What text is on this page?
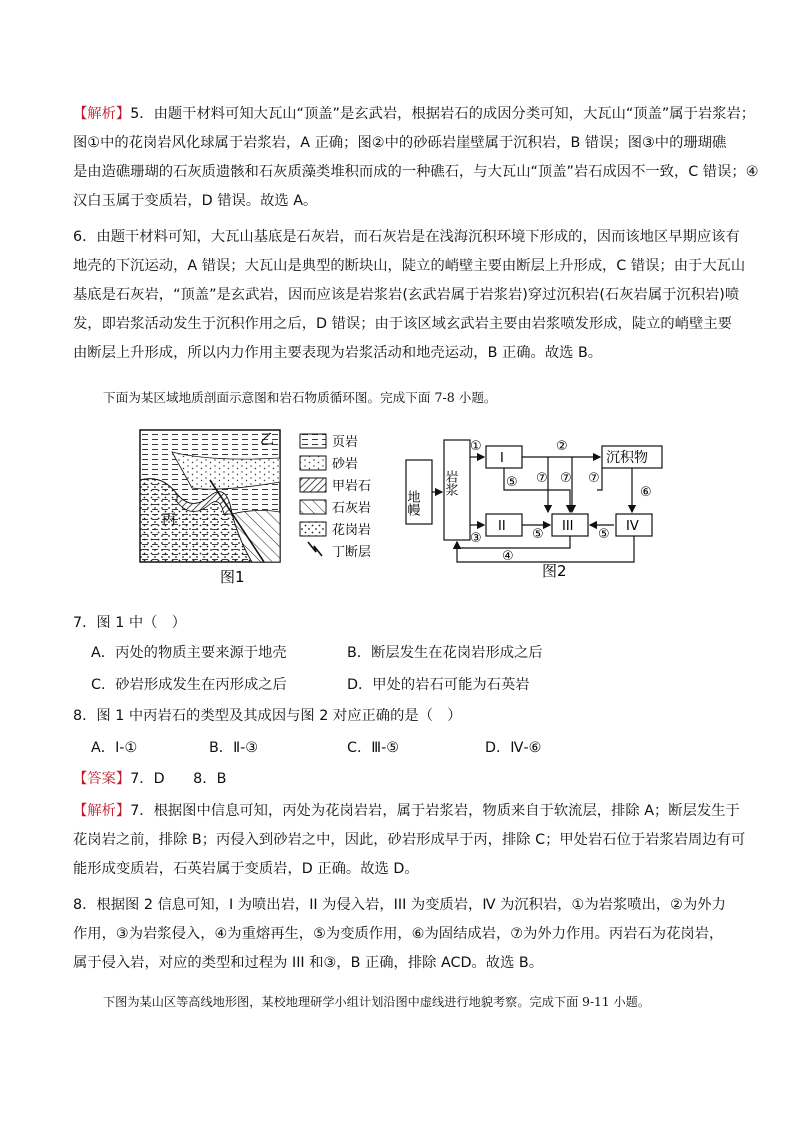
【解析】5．由题干材料可知大瓦山“顶盖”是玄武岩，根据岩石的成因分类可知，大瓦山“顶盖”属于岩浆岩；
图①中的花岗岩风化球属于岩浆岩，A 正确；图②中的砂砾岩崖壁属于沉积岩，B 错误；图③中的珊瑚礁
是由造礁珊瑚的石灰质遗骸和石灰质藻类堆积而成的一种礁石，与大瓦山“顶盖”岩石成因不一致，C 错误；④
汉白玉属于变质岩，D 错误。故选 A。
6．由题干材料可知，大瓦山基底是石灰岩，而石灰岩是在浅海沉积环境下形成的，因而该地区早期应该有
地壳的下沉运动，A 错误；大瓦山是典型的断块山，陡立的峭壁主要由断层上升形成，C 错误；由于大瓦山
基底是石灰岩，“顶盖”是玄武岩，因而应该是岩浆岩(玄武岩属于岩浆岩)穿过沉积岩(石灰岩属于沉积岩)喷
发，即岩浆活动发生于沉积作用之后，D 错误；由于该区域玄武岩主要由岩浆喷发形成，陡立的峭壁主要
由断层上升形成，所以内力作用主要表现为岩浆活动和地壳运动，B 正确。故选 B。
下面为某区域地质剖面示意图和岩石物质循环图。完成下面 7-8 小题。
乙
丙
页岩
砂岩
甲岩石
石灰岩
花岗岩
丁断层
图1
地幔
岩浆
沉积物
I
II	III	IV
①	②
③
④
⑤
⑤	⑤
⑥
⑦ ⑦ ⑦
图2
7．图 1 中（　）
A．丙处的物质主要来源于地壳	B．断层发生在花岗岩形成之后
C．砂岩形成发生在丙形成之后	D．甲处的岩石可能为石英岩
8．图 1 中丙岩石的类型及其成因与图 2 对应正确的是（　）
A．I-①	B．Ⅱ-③	C．Ⅲ-⑤	D．Ⅳ-⑥
【答案】7．D　　8．B
【解析】7．根据图中信息可知，丙处为花岗岩岩，属于岩浆岩，物质来自于软流层，排除 A；断层发生于
花岗岩之前，排除 B；丙侵入到砂岩之中，因此，砂岩形成早于丙，排除 C；甲处岩石位于岩浆岩周边有可
能形成变质岩，石英岩属于变质岩，D 正确。故选 D。
8．根据图 2 信息可知，I 为喷出岩，II 为侵入岩，III 为变质岩，Ⅳ 为沉积岩，①为岩浆喷出，②为外力
作用，③为岩浆侵入，④为重熔再生，⑤为变质作用，⑥为固结成岩，⑦为外力作用。丙岩石为花岗岩，
属于侵入岩，对应的类型和过程为 III 和③，B 正确，排除 ACD。故选 B。
下图为某山区等高线地形图，某校地理研学小组计划沿图中虚线进行地貌考察。完成下面 9-11 小题。
